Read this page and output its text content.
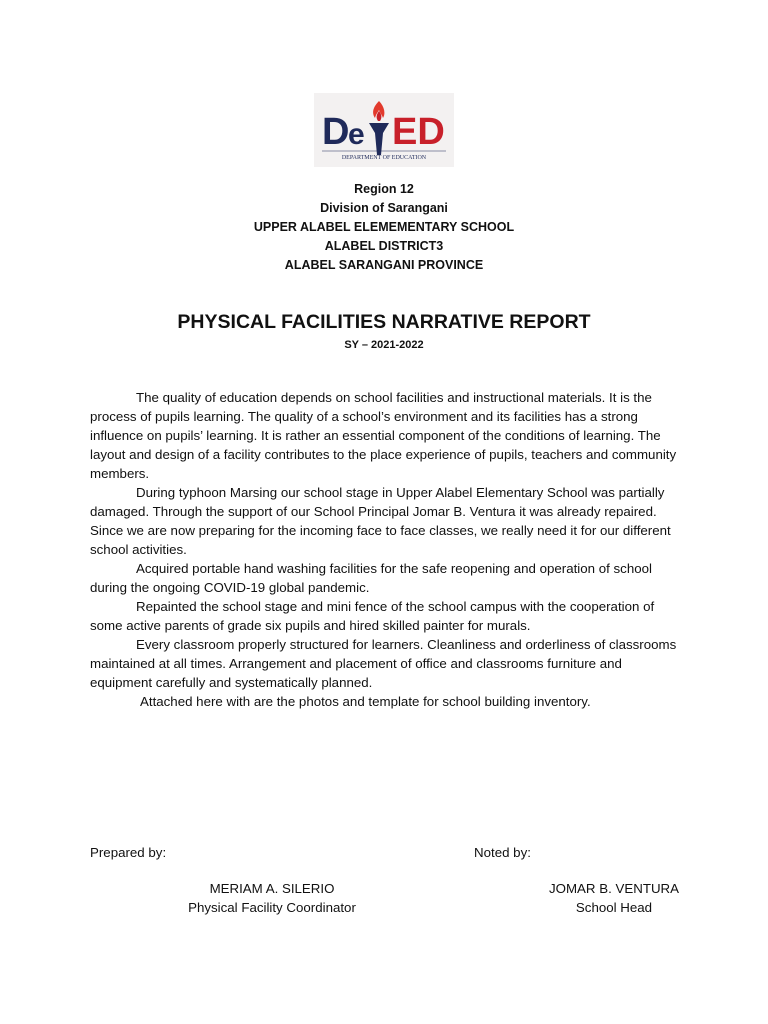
D
e ED
DEPARTMENT OF EDUCATION
Region 12
Division of Sarangani
UPPER ALABEL ELEMEMENTARY SCHOOL
ALABEL DISTRICT3
ALABEL SARANGANI PROVINCE
PHYSICAL FACILITIES NARRATIVE REPORT
SY – 2021-2022

The quality of education depends on school facilities and instructional materials. It is the process of pupils learning. The quality of a school’s environment and its facilities has a strong influence on pupils’ learning. It is rather an essential component of the conditions of learning. The layout and design of a facility contributes to the place experience of pupils, teachers and community members.

During typhoon Marsing our school stage in Upper Alabel Elementary School was partially damaged. Through the support of our School Principal Jomar B. Ventura it was already repaired. Since we are now preparing for the incoming face to face classes, we really need it for our different school activities.

Acquired portable hand washing facilities for the safe reopening and operation of school during the ongoing COVID-19 global pandemic.

Repainted the school stage and mini fence of the school campus with the cooperation of some active parents of grade six pupils and hired skilled painter for murals.

Every classroom properly structured for learners. Cleanliness and orderliness of classrooms maintained at all times. Arrangement and placement of office and classrooms furniture and equipment carefully and systematically planned.

Attached here with are the photos and template for school building inventory.

Prepared by:	Noted by:
MERIAM A. SILERIO
Physical Facility Coordinator
JOMAR B. VENTURA
School Head
